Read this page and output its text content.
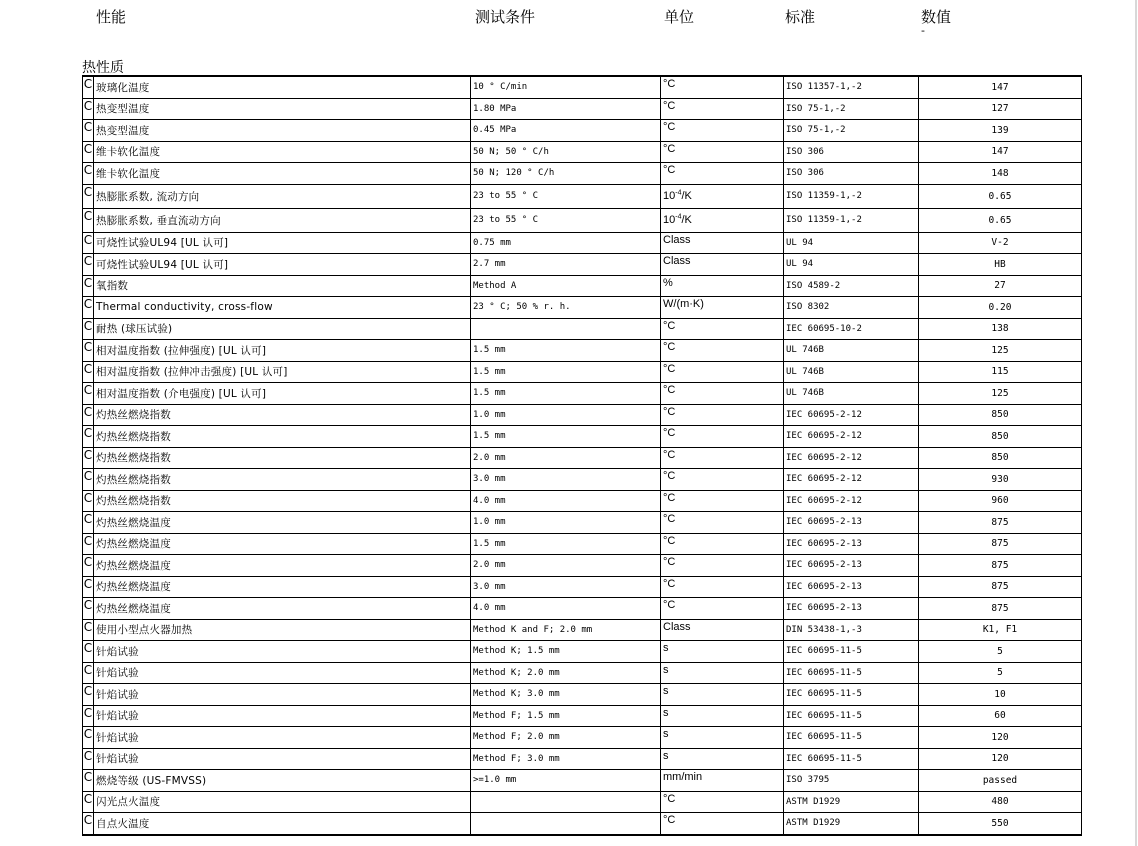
性能	测试条件	单位	标准	数值
-
热性质
C	玻璃化温度	10 ° C/min	°C	ISO 11357-1,-2	147
C	热变型温度	1.80 MPa	°C	ISO 75-1,-2	127
C	热变型温度	0.45 MPa	°C	ISO 75-1,-2	139
C	维卡软化温度	50 N; 50 ° C/h	°C	ISO 306	147
C	维卡软化温度	50 N; 120 ° C/h	°C	ISO 306	148
C	热膨胀系数, 流动方向	23 to 55 ° C	$10^{-4}/K$	ISO 11359-1,-2	0.65
C	热膨胀系数, 垂直流动方向	23 to 55 ° C	$10^{-4}/K$	ISO 11359-1,-2	0.65
C	可烧性试验UL94 [UL 认可]	0.75 mm	Class	UL 94	V-2
C	可烧性试验UL94 [UL 认可]	2.7 mm	Class	UL 94	HB
C	氧指数	Method A	%	ISO 4589-2	27
C	Thermal conductivity, cross-flow	23 ° C; 50 % r. h.	W/(m·K)	ISO 8302	0.20
C	耐热 (球压试验)		°C	IEC 60695-10-2	138
C	相对温度指数 (拉伸强度) [UL 认可]	1.5 mm	°C	UL 746B	125
C	相对温度指数 (拉伸冲击强度) [UL 认可]	1.5 mm	°C	UL 746B	115
C	相对温度指数 (介电强度) [UL 认可]	1.5 mm	°C	UL 746B	125
C	灼热丝燃烧指数	1.0 mm	°C	IEC 60695-2-12	850
C	灼热丝燃烧指数	1.5 mm	°C	IEC 60695-2-12	850
C	灼热丝燃烧指数	2.0 mm	°C	IEC 60695-2-12	850
C	灼热丝燃烧指数	3.0 mm	°C	IEC 60695-2-12	930
C	灼热丝燃烧指数	4.0 mm	°C	IEC 60695-2-12	960
C	灼热丝燃烧温度	1.0 mm	°C	IEC 60695-2-13	875
C	灼热丝燃烧温度	1.5 mm	°C	IEC 60695-2-13	875
C	灼热丝燃烧温度	2.0 mm	°C	IEC 60695-2-13	875
C	灼热丝燃烧温度	3.0 mm	°C	IEC 60695-2-13	875
C	灼热丝燃烧温度	4.0 mm	°C	IEC 60695-2-13	875
C	使用小型点火器加热	Method K and F; 2.0 mm	Class	DIN 53438-1,-3	K1, F1
C	针焰试验	Method K; 1.5 mm	s	IEC 60695-11-5	5
C	针焰试验	Method K; 2.0 mm	s	IEC 60695-11-5	5
C	针焰试验	Method K; 3.0 mm	s	IEC 60695-11-5	10
C	针焰试验	Method F; 1.5 mm	s	IEC 60695-11-5	60
C	针焰试验	Method F; 2.0 mm	s	IEC 60695-11-5	120
C	针焰试验	Method F; 3.0 mm	s	IEC 60695-11-5	120
C	燃烧等级 (US-FMVSS)	>=1.0 mm	mm/min	ISO 3795	passed
C	闪光点火温度		°C	ASTM D1929	480
C	自点火温度		°C	ASTM D1929	550
